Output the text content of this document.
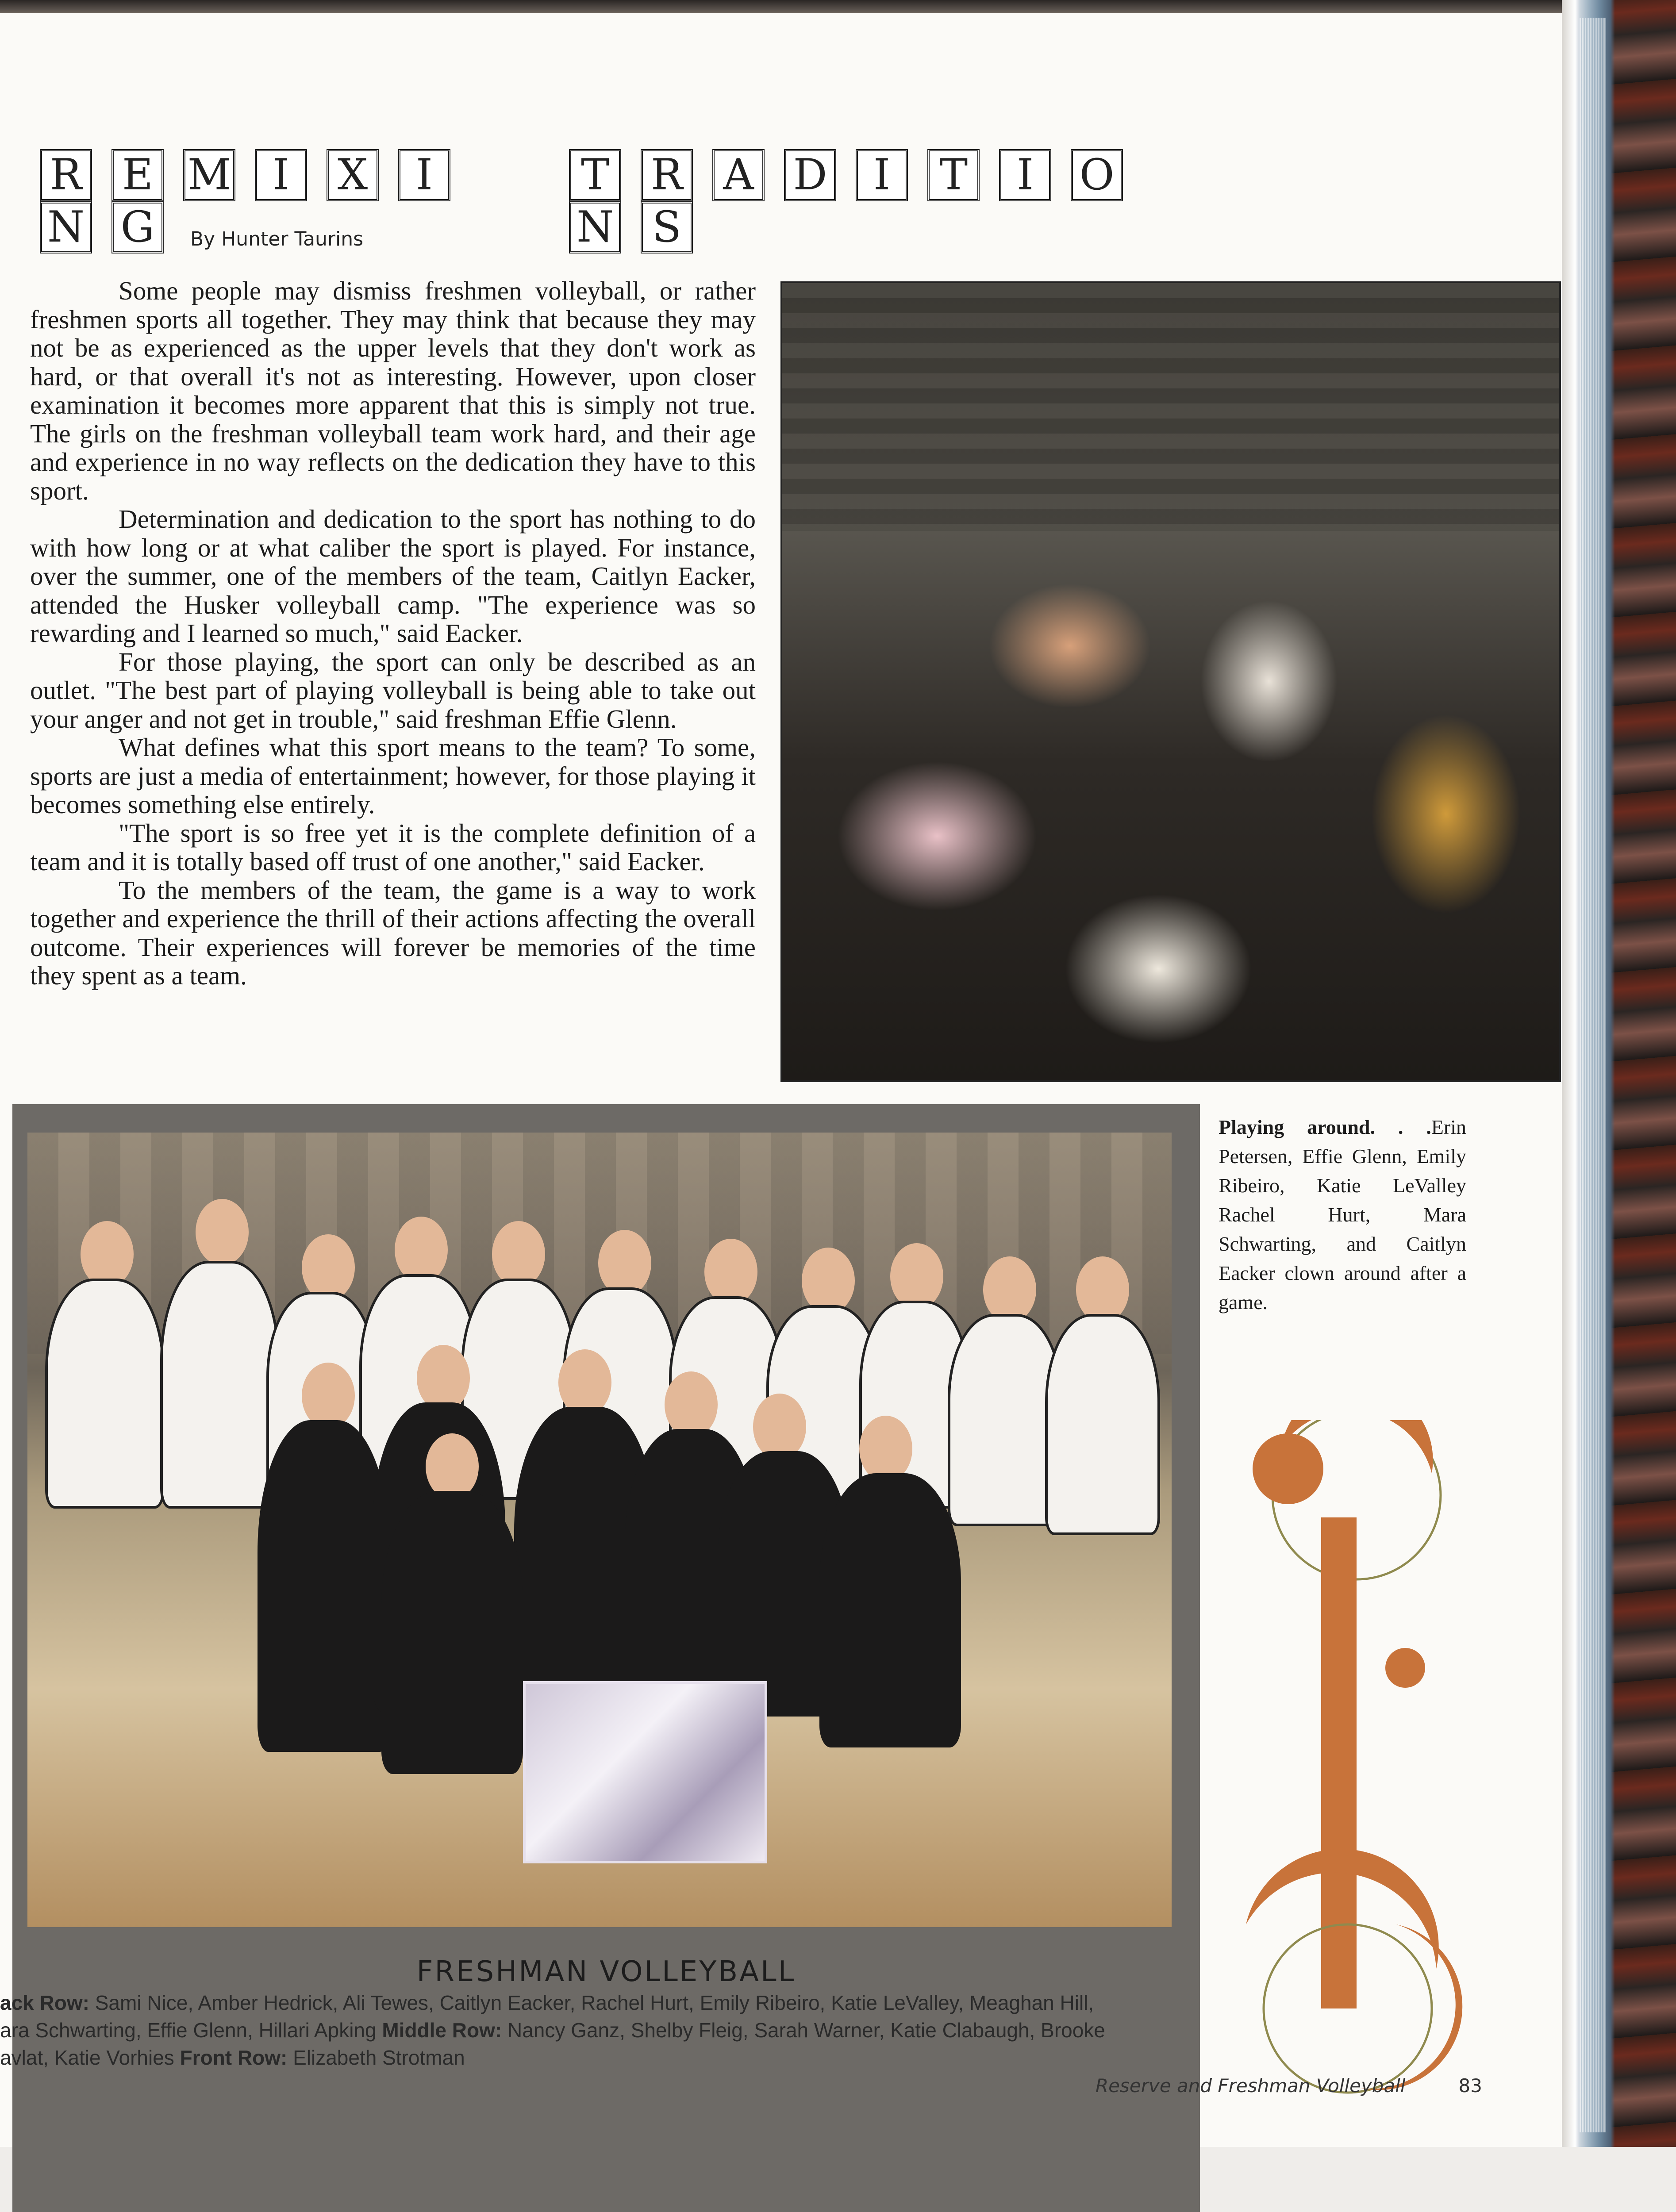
R E M I X IN G
T R A D I T I ON S
By Hunter Taurins

Some people may dismiss freshmen volleyball, or rather freshmen sports all together. They may think that because they may not be as experienced as the upper levels that they don't work as hard, or that overall it's not as interesting. However, upon closer examination it becomes more apparent that this is simply not true. The girls on the freshman volleyball team work hard, and their age and experience in no way reflects on the dedication they have to this sport.

Determination and dedication to the sport has nothing to do with how long or at what caliber the sport is played. For instance, over the summer, one of the members of the team, Caitlyn Eacker, attended the Husker volleyball camp. "The experience was so rewarding and I learned so much," said Eacker.

For those playing, the sport can only be described as an outlet. "The best part of playing volleyball is being able to take out your anger and not get in trouble," said freshman Effie Glenn.

What defines what this sport means to the team? To some, sports are just a media of entertainment; however, for those playing it becomes something else entirely.

"The sport is so free yet it is the complete definition of a team and it is totally based off trust of one another," said Eacker.

To the members of the team, the game is a way to work together and experience the thrill of their actions affecting the overall outcome. Their experiences will forever be memories of the time they spent as a team.

Playing around. . .Erin Petersen, Effie Glenn, Emily Ribeiro, Katie LeValley Rachel Hurt, Mara Schwarting, and Caitlyn Eacker clown around after a game.
FRESHMAN VOLLEYBALL
ack Row: Sami Nice, Amber Hedrick, Ali Tewes, Caitlyn Eacker, Rachel Hurt, Emily Ribeiro, Katie LeValley, Meaghan Hill,
ara Schwarting, Effie Glenn, Hillari Apking Middle Row: Nancy Ganz, Shelby Fleig, Sarah Warner, Katie Clabaugh, Brooke
avlat, Katie Vorhies Front Row: Elizabeth Strotman
Reserve and Freshman Volleyball	83
